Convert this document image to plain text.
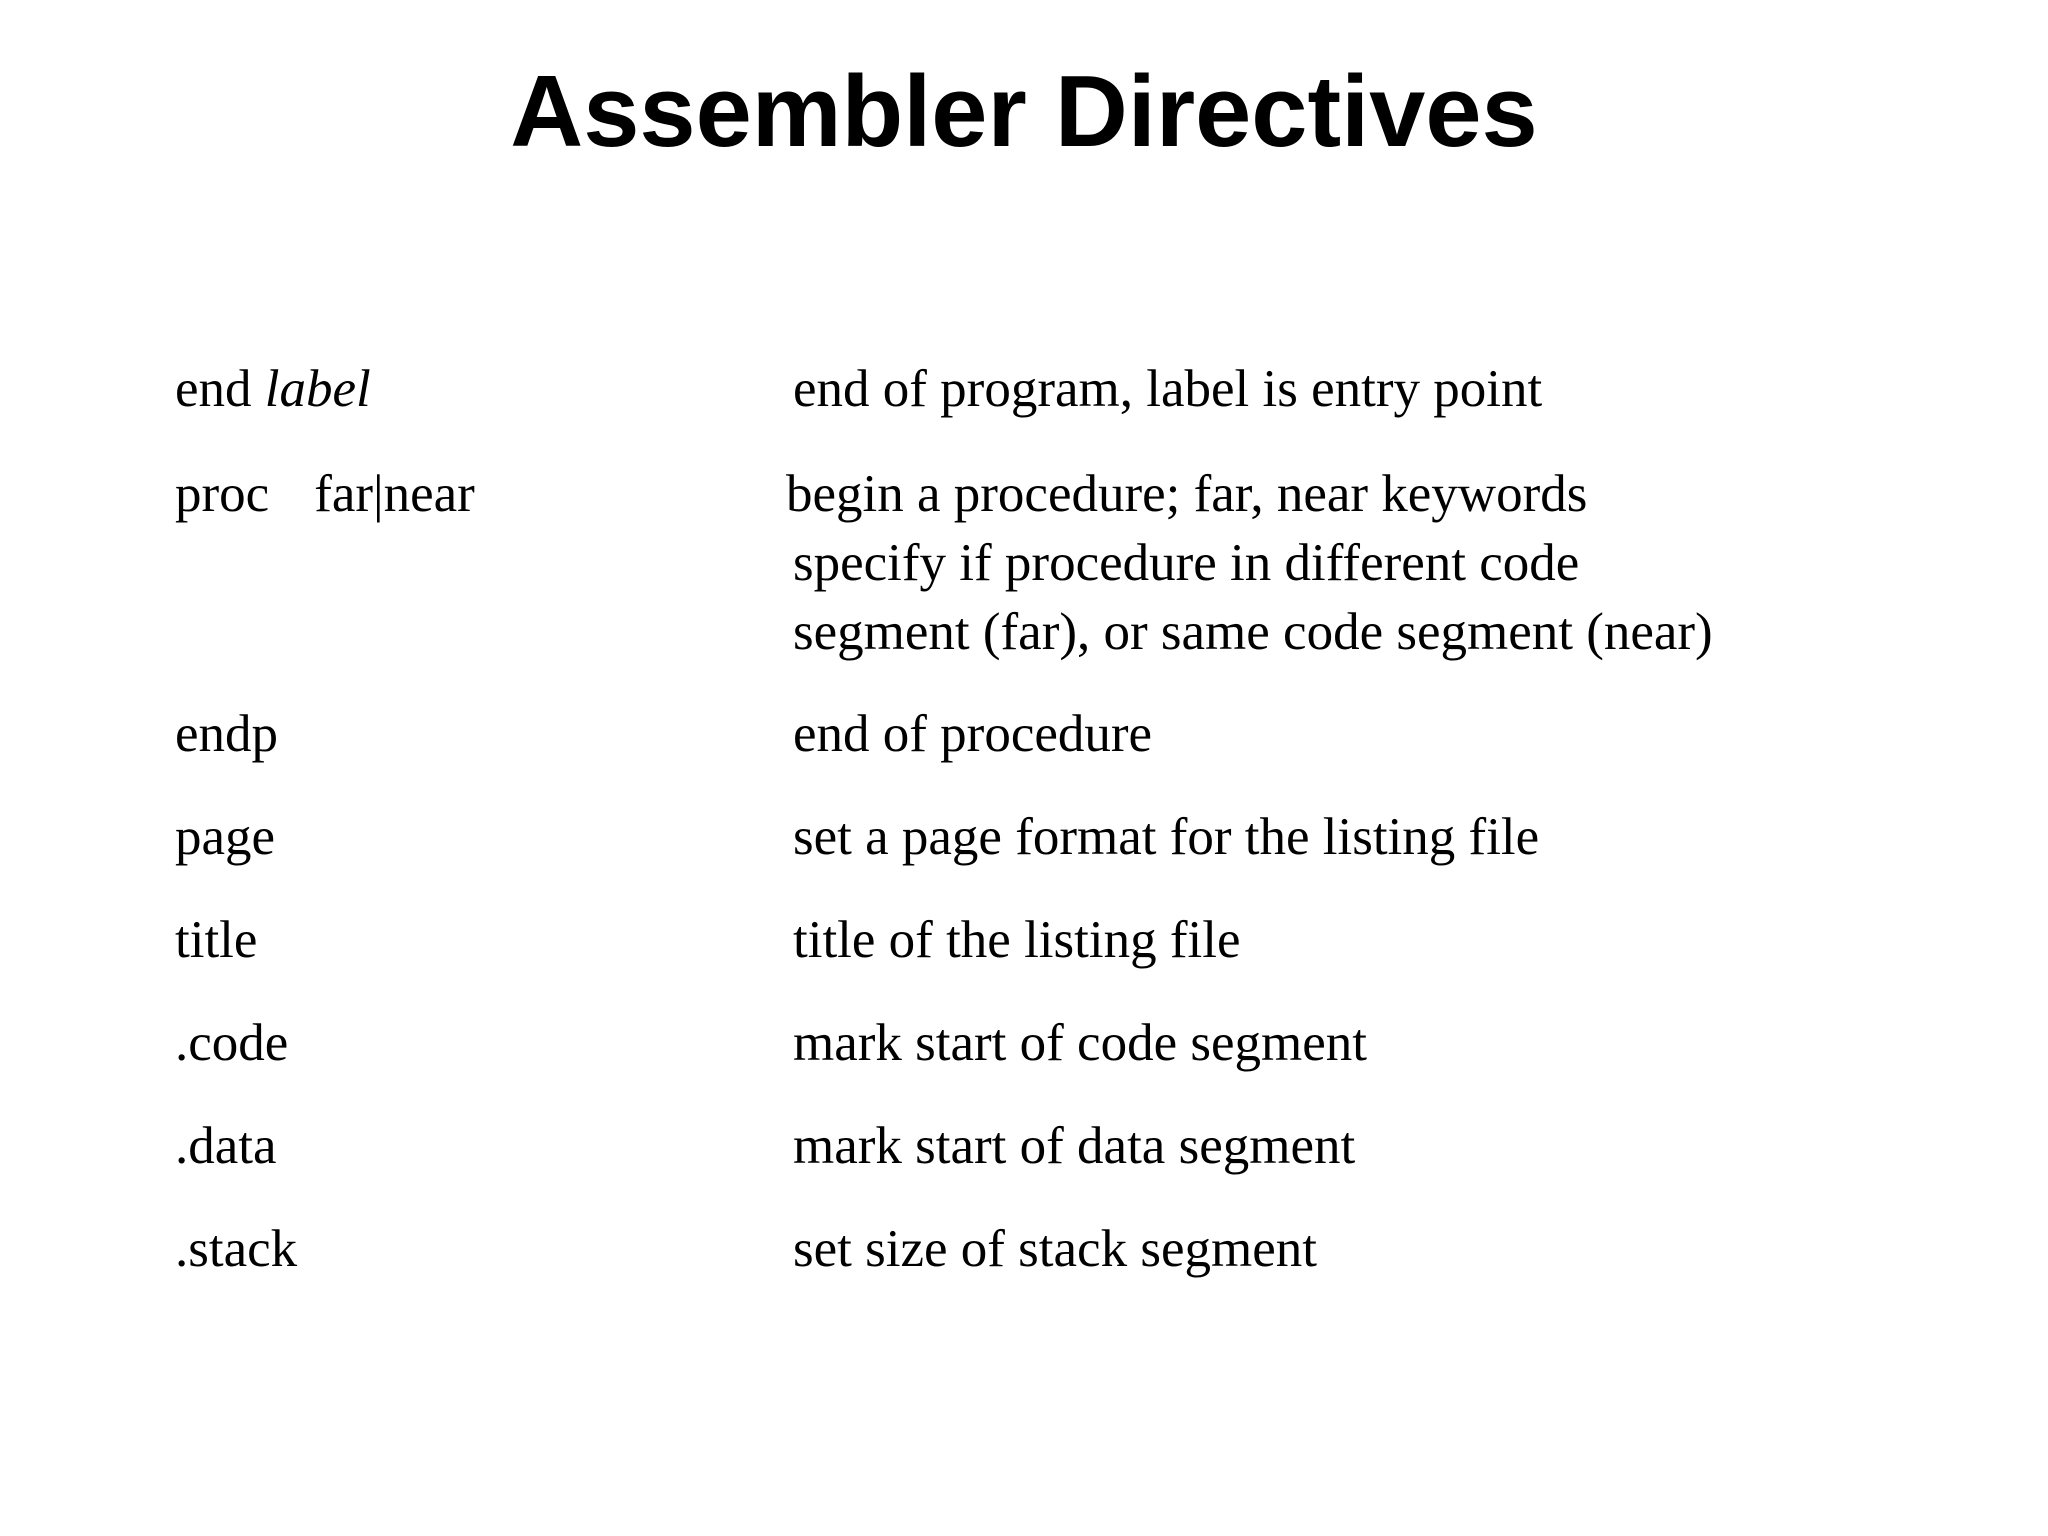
Assembler Directives
end label	end of program, label is entry point
proc far|near	begin a procedure; far, near keywords
specify if procedure in different code
segment (far), or same code segment (near)
endp	end of procedure
page	set a page format for the listing file
title	title of the listing file
.code	mark start of code segment
.data	mark start of data segment
.stack	set size of stack segment
